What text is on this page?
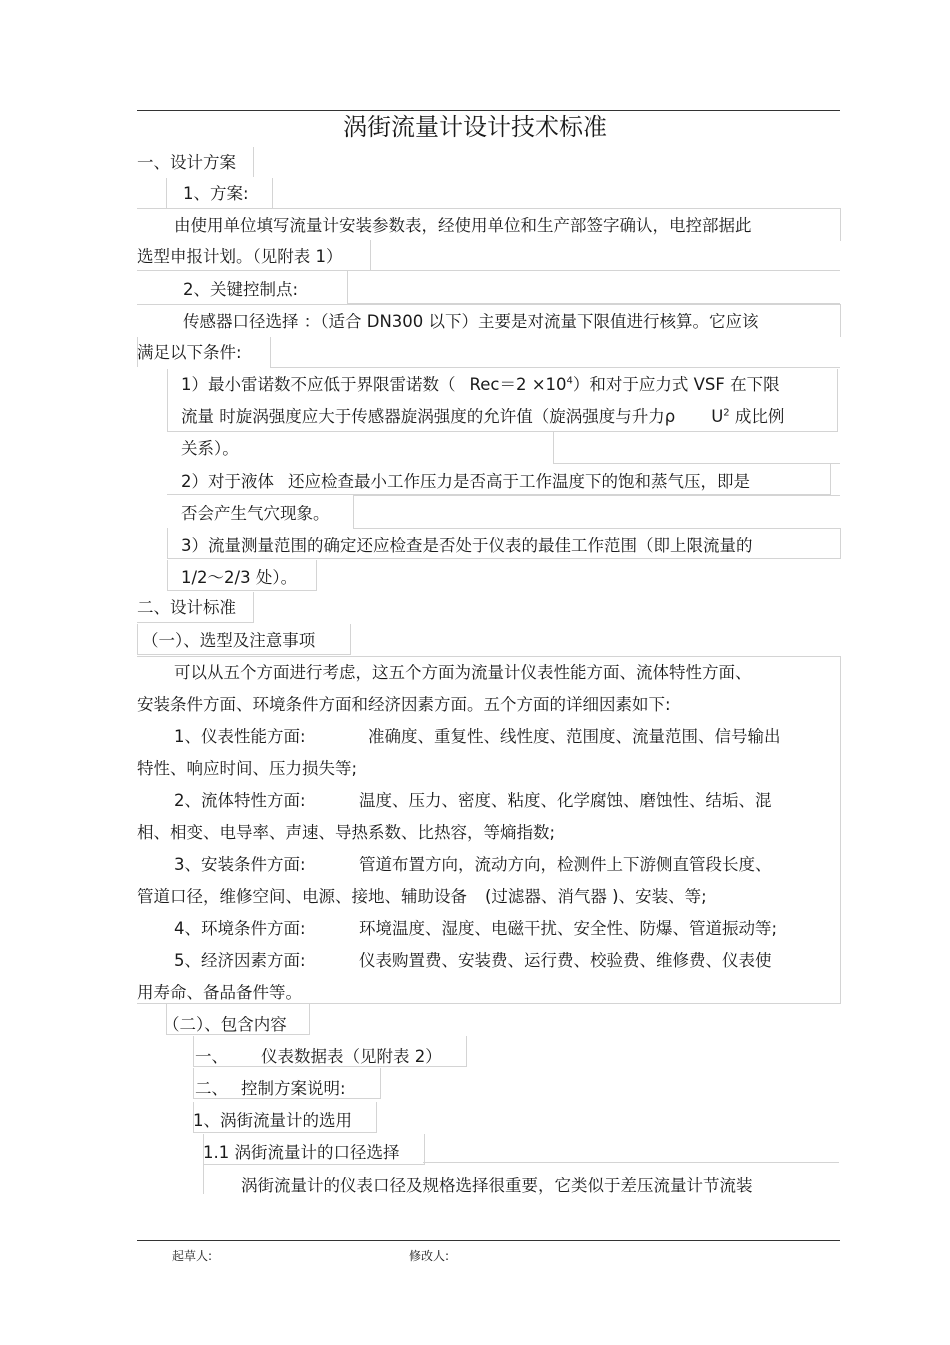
涡街流量计设计技术标准
一、设计方案
1、方案:
由使用单位填写流量计安装参数表，经使用单位和生产部签字确认，电控部据此
选型申报计划。（见附表 1）
2、关键控制点:
传感器口径选择 ：（适合 DN300 以下）主要是对流量下限值进行核算。它应该
满足以下条件:
1）最小雷诺数不应低于界限雷诺数（ $Rec=2 \times 10^4$）和对于应力式 VSF 在下限
流量 时旋涡强度应大于传感器旋涡强度的允许值（旋涡强度与升力ρ $U^2$ 成比例
关系）。
2）对于液体 还应检查最小工作压力是否高于工作温度下的饱和蒸气压，即是
否会产生气穴现象。
3）流量测量范围的确定还应检查是否处于仪表的最佳工作范围（即上限流量的
1/2～2/3 处）。
二、设计标准
（一）、选型及注意事项
可以从五个方面进行考虑，这五个方面为流量计仪表性能方面、流体特性方面、
安装条件方面、环境条件方面和经济因素方面。五个方面的详细因素如下:
1、仪表性能方面:	准确度、重复性、线性度、范围度、流量范围、信号输出
特性、响应时间、压力损失等;
2、流体特性方面:	温度、压力、密度、粘度、化学腐蚀、磨蚀性、结垢、混
相、相变、电导率、声速、导热系数、比热容，等熵指数;
3、安装条件方面:	管道布置方向，流动方向，检测件上下游侧直管段长度、
管道口径，维修空间、电源、接地、辅助设备 (过滤器、消气器 )、安装、等;
4、环境条件方面:	环境温度、湿度、电磁干扰、安全性、防爆、管道振动等;
5、经济因素方面:	仪表购置费、安装费、运行费、校验费、维修费、仪表使
用寿命、备品备件等。
（二）、包含内容
一、 仪表数据表（见附表 2）
二、 控制方案说明:
1、涡街流量计的选用
1.1 涡街流量计的口径选择
涡街流量计的仪表口径及规格选择很重要，它类似于差压流量计节流装
起草人:	修改人:
